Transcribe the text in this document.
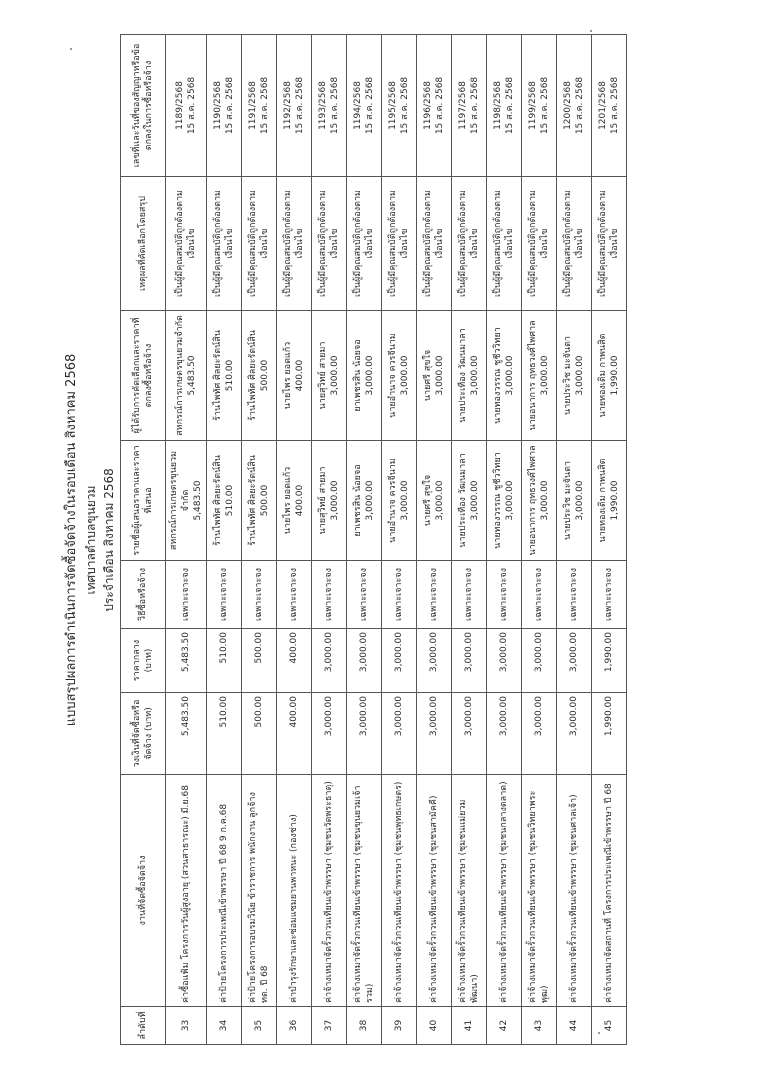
แบบสรุปผลการดำเนินการจัดซื้อจัดจ้างในรอบเดือน สิงหาคม 2568 เทศบาลตำบลขุนยวม ประจำเดือน สิงหาคม 2568
ลำดับที่	งานที่จัดซื้อจัดจ้าง	วงเงินที่จัดซื้อหรือจัดจ้าง (บาท)	ราคากลาง (บาท)	วิธีซื้อหรือจ้าง	รายชื่อผู้เสนอราคาและราคาที่เสนอ	ผู้ได้รับการคัดเลือกและราคาที่ตกลงซื้อหรือจ้าง	เหตุผลที่คัดเลือกโดยสรุป	เลขที่และวันที่ของสัญญาหรือข้อตกลงในการซื้อหรือจ้าง
33	ค่าซื้อแฟ้ม โครงการวันผู้สูงอายุ (สวนสาธารณะ) มี.ย.68	5,483.50	5,483.50	เฉพาะเจาะจง	สหกรณ์การเกษตรขุนยวมจำกัด 5,483.50	สหกรณ์การเกษตรขุนยวมจำกัด 5,483.50	เป็นผู้มีคุณสมบัติถูกต้องตาม เงื่อนไข	1189/2568 15 ส.ค. 2568

34	ค่าป้ายโครงการประเพณีเข้าพรรษา ปี 68 9 ก.ค.68	510.00	510.00	เฉพาะเจาะจง	ร้านไพทัศ ศิลยะรัตน์สิน 510.00	ร้านไพทัศ ศิลยะรัตน์สิน 510.00	เป็นผู้มีคุณสมบัติถูกต้องตาม เงื่อนไข	1190/2568 15 ส.ค. 2568

35	ค่าป้ายโครงการอบรมวินัย ข้าราชการ พนักงาน ลูกจ้าง ทต. ปี 68	500.00	500.00	เฉพาะเจาะจง	ร้านไพทัศ ศิลยะรัตน์สิน 500.00	ร้านไพทัศ ศิลยะรัตน์สิน 500.00	เป็นผู้มีคุณสมบัติถูกต้องตาม เงื่อนไข	1191/2568 15 ส.ค. 2568

36	ค่าบำรุงรักษาและซ่อมแซมยานพาหนะ (กองช่าง)	400.00	400.00	เฉพาะเจาะจง	นายไพร ยอดแก้ว 400.00	นายไพร ยอดแก้ว 400.00	เป็นผู้มีคุณสมบัติถูกต้องตาม เงื่อนไข	1192/2568 15 ส.ค. 2568

37	ค่าจ้างเหมาจัดรั้วกวนเทียนเข้าพรรษา (ชุมชนวัดพระธาตุ)	3,000.00	3,000.00	เฉพาะเจาะจง	นายสุวิทย์ สายมา 3,000.00	นายสุวิทย์ สายมา 3,000.00	เป็นผู้มีคุณสมบัติถูกต้องตาม เงื่อนไข	1193/2568 15 ส.ค. 2568

38	ค่าจ้างเหมาจัดรั้วกวนเทียนเข้าพรรษา (ชุมชนขุนยวมเจ้ารวม)	3,000.00	3,000.00	เฉพาะเจาะจง	ยาเพชรสิน น้อยจอ 3,000.00	ยาเพชรสิน น้อยจอ 3,000.00	เป็นผู้มีคุณสมบัติถูกต้องตาม เงื่อนไข	1194/2568 15 ส.ค. 2568

39	ค่าจ้างเหมาจัดรั้วกวนเทียนเข้าพรรษา (ชุมชนพุทธเกษตร)	3,000.00	3,000.00	เฉพาะเจาะจง	นายอำนาจ ควรจีนาม 3,000.00	นายอำนาจ ควรจีนาม 3,000.00	เป็นผู้มีคุณสมบัติถูกต้องตาม เงื่อนไข	1195/2568 15 ส.ค. 2568

40	ค่าจ้างเหมาจัดรั้วกวนเทียนเข้าพรรษา (ชุมชนสามัคคี)	3,000.00	3,000.00	เฉพาะเจาะจง	นายศรี สุขใจ 3,000.00	นายศรี สุขใจ 3,000.00	เป็นผู้มีคุณสมบัติถูกต้องตาม เงื่อนไข	1196/2568 15 ส.ค. 2568

41	ค่าจ้างเหมาจัดรั้วกวนเทียนเข้าพรรษา (ชุมชนแม่ยวมพัฒนา)	3,000.00	3,000.00	เฉพาะเจาะจง	นายประเทือง วัฒนมาลา 3,000.00	นายประเทือง วัฒนมาลา 3,000.00	เป็นผู้มีคุณสมบัติถูกต้องตาม เงื่อนไข	1197/2568 15 ส.ค. 2568

42	ค่าจ้างเหมาจัดรั้วกวนเทียนเข้าพรรษา (ชุมชนกลางตลาด)	3,000.00	3,000.00	เฉพาะเจาะจง	นายทองวรรณ ชูชีววิทยา 3,000.00	นายทองวรรณ ชูชีววิทยา 3,000.00	เป็นผู้มีคุณสมบัติถูกต้องตาม เงื่อนไข	1198/2568 15 ส.ค. 2568

43	ค่าจ้างเหมาจัดรั้วกวนเทียนเข้าพรรษา (ชุมชนวิทยาพระพุฒ)	3,000.00	3,000.00	เฉพาะเจาะจง	นายอนาการ ฤทธวงศ์ไพศาล 3,000.00	นายอนาการ ฤทธวงศ์ไพศาล 3,000.00	เป็นผู้มีคุณสมบัติถูกต้องตาม เงื่อนไข	1199/2568 15 ส.ค. 2568

44	ค่าจ้างเหมาจัดรั้วกวนเทียนเข้าพรรษา (ชุมชนศาลเจ้า)	3,000.00	3,000.00	เฉพาะเจาะจง	นายประวิช มะจันตา 3,000.00	นายประวิช มะจันตา 3,000.00	เป็นผู้มีคุณสมบัติถูกต้องตาม เงื่อนไข	1200/2568 15 ส.ค. 2568

45	ค่าจ้างเหมาจัดสถานที่ โครงการประเพณีเข้าพรรษา ปี 68	1,990.00	1,990.00	เฉพาะเจาะจง	นายทองเติม กาพนสิต 1,990.00	นายทองเติม กาพนสิต 1,990.00	เป็นผู้มีคุณสมบัติถูกต้องตาม เงื่อนไข	1201/2568 15 ส.ค. 2568
